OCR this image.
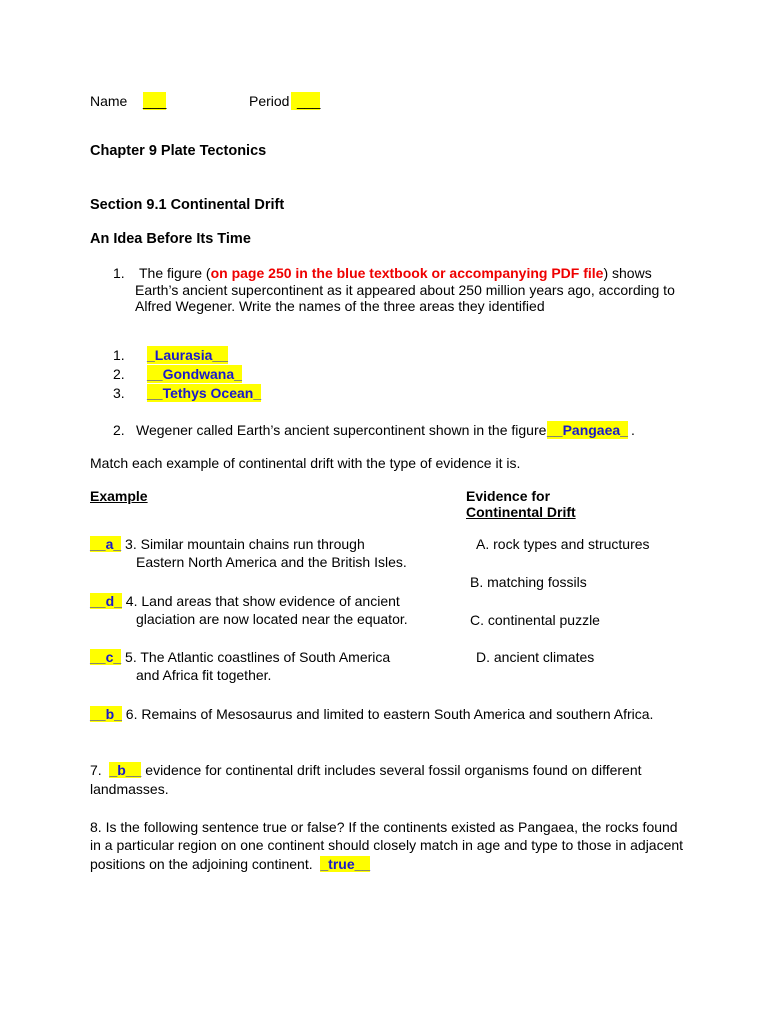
Name ___	Period ___
Chapter 9 Plate Tectonics
Section 9.1 Continental Drift
An Idea Before Its Time
1. The figure (on page 250 in the blue textbook or accompanying PDF file) shows
Earth’s ancient supercontinent as it appeared about 250 million years ago, according to
Alfred Wegener. Write the names of the three areas they identified
1. _Laurasia__
2. __Gondwana_
3. __Tethys Ocean_
2. Wegener called Earth’s ancient supercontinent shown in the figure __Pangaea_ .
Match each example of continental drift with the type of evidence it is.
Example	Evidence for
Continental Drift
__a_ 3. Similar mountain chains run through
Eastern North America and the British Isles.
__d_ 4. Land areas that show evidence of ancient
glaciation are now located near the equator.
__c_ 5. The Atlantic coastlines of South America
and Africa fit together.
__b_ 6. Remains of Mesosaurus and limited to eastern South America and southern Africa.
A. rock types and structures
B. matching fossils
C. continental puzzle
D. ancient climates
7. _b__ evidence for continental drift includes several fossil organisms found on different
landmasses.
8. Is the following sentence true or false? If the continents existed as Pangaea, the rocks found
in a particular region on one continent should closely match in age and type to those in adjacent
positions on the adjoining continent. _true__
